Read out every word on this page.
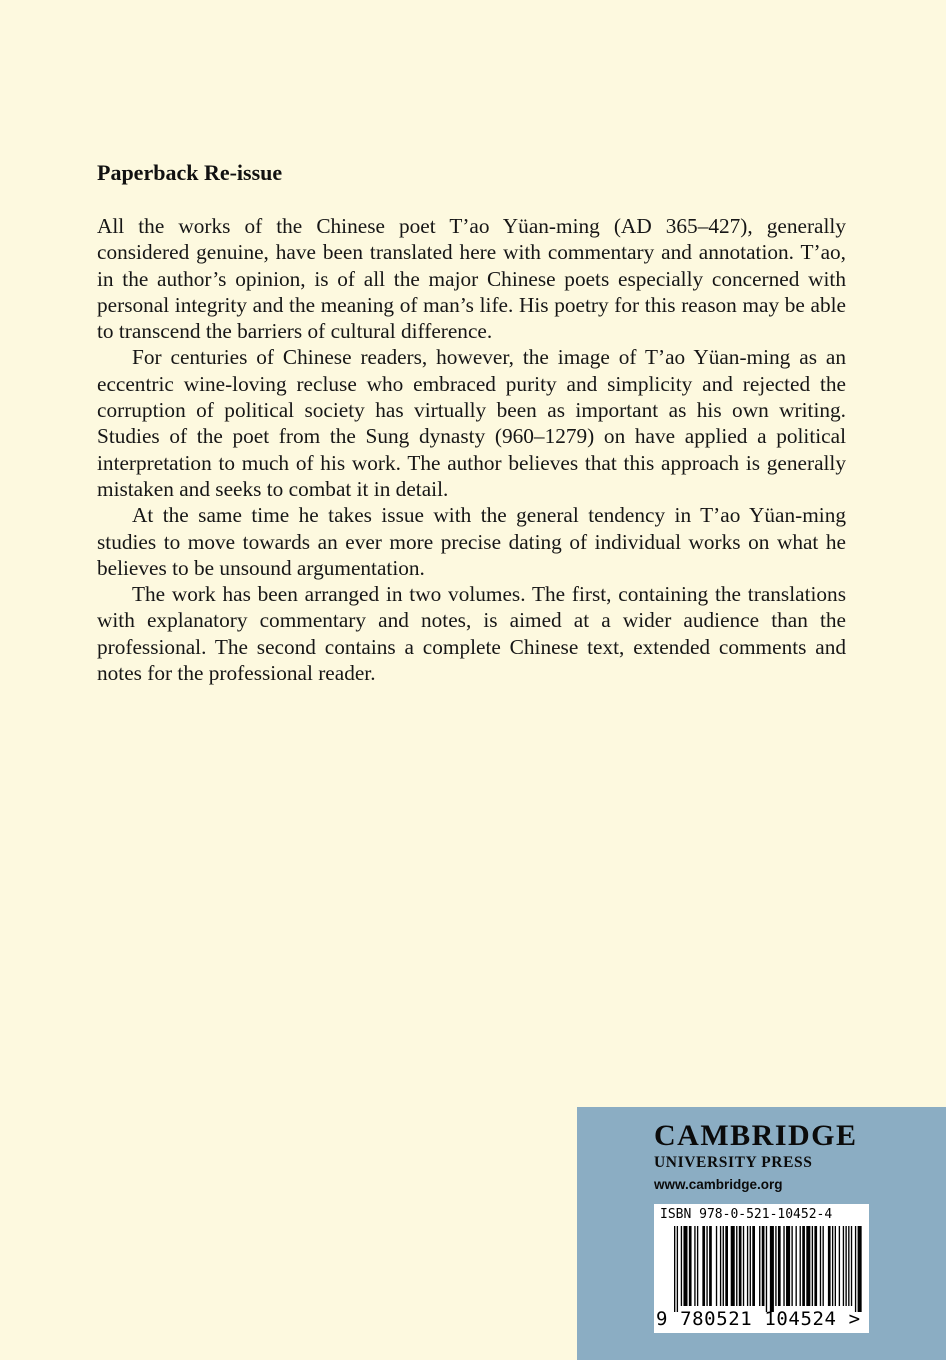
Paperback Re-issue

All the works of the Chinese poet T’ao Yüan-ming (AD 365–427), generally considered genuine, have been translated here with commentary and annotation. T’ao, in the author’s opinion, is of all the major Chinese poets especially concerned with personal integrity and the meaning of man’s life. His poetry for this reason may be able to transcend the barriers of cultural difference.

For centuries of Chinese readers, however, the image of T’ao Yüan-ming as an eccentric wine-loving recluse who embraced purity and simplicity and rejected the corruption of political society has virtually been as important as his own writing. Studies of the poet from the Sung dynasty (960–1279) on have applied a political interpretation to much of his work. The author believes that this approach is generally mistaken and seeks to combat it in detail.

At the same time he takes issue with the general tendency in T’ao Yüan-ming studies to move towards an ever more precise dating of individual works on what he believes to be unsound argumentation.

The work has been arranged in two volumes. The first, containing the translations with explanatory commentary and notes, is aimed at a wider audience than the professional. The second contains a complete Chinese text, extended comments and notes for the professional reader.

CAMBRIDGE
UNIVERSITY PRESS
www.cambridge.org
ISBN 978-0-521-10452-4
9 780521 104524 >
